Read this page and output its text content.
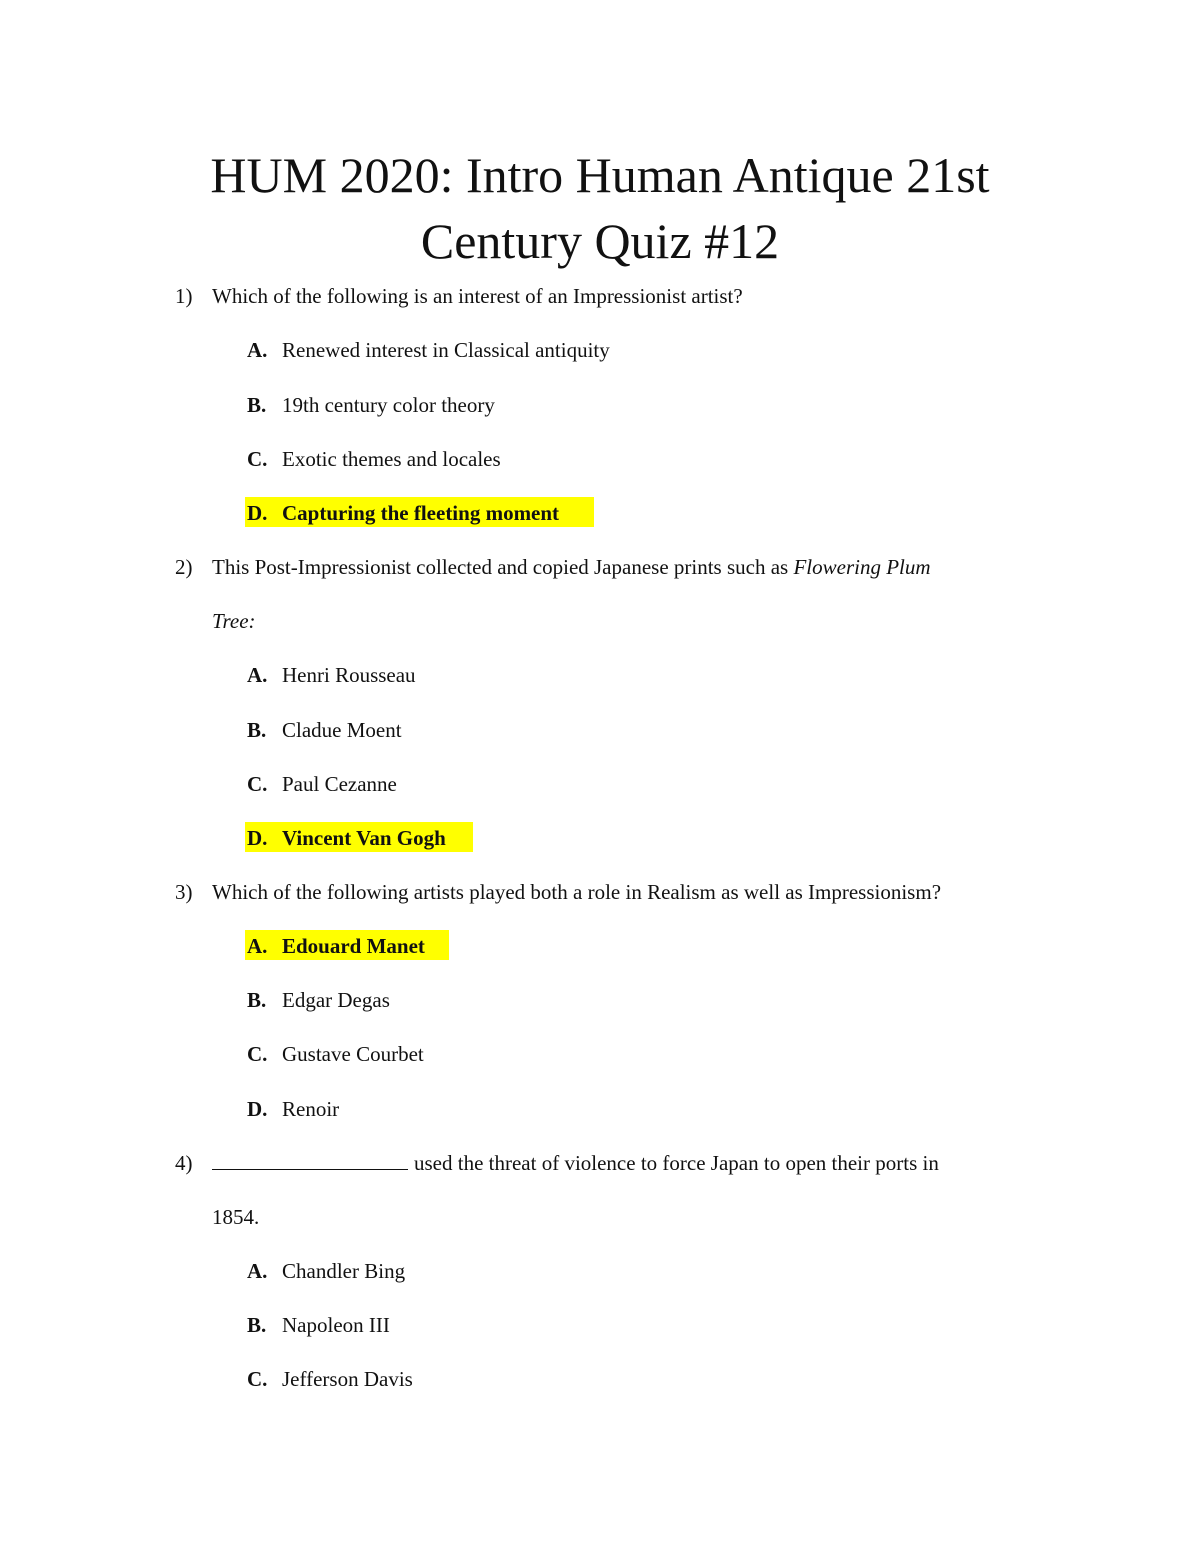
HUM 2020: Intro Human Antique 21st
Century Quiz #12
1) Which of the following is an interest of an Impressionist artist?
A. Renewed interest in Classical antiquity
B. 19th century color theory
C. Exotic themes and locales
D. Capturing the fleeting moment
2) This Post-Impressionist collected and copied Japanese prints such as Flowering Plum
Tree:
A. Henri Rousseau
B. Cladue Moent
C. Paul Cezanne
D. Vincent Van Gogh
3) Which of the following artists played both a role in Realism as well as Impressionism?
A. Edouard Manet
B. Edgar Degas
C. Gustave Courbet
D. Renoir
4)	used the threat of violence to force Japan to open their ports in
1854.
A. Chandler Bing
B. Napoleon III
C. Jefferson Davis
